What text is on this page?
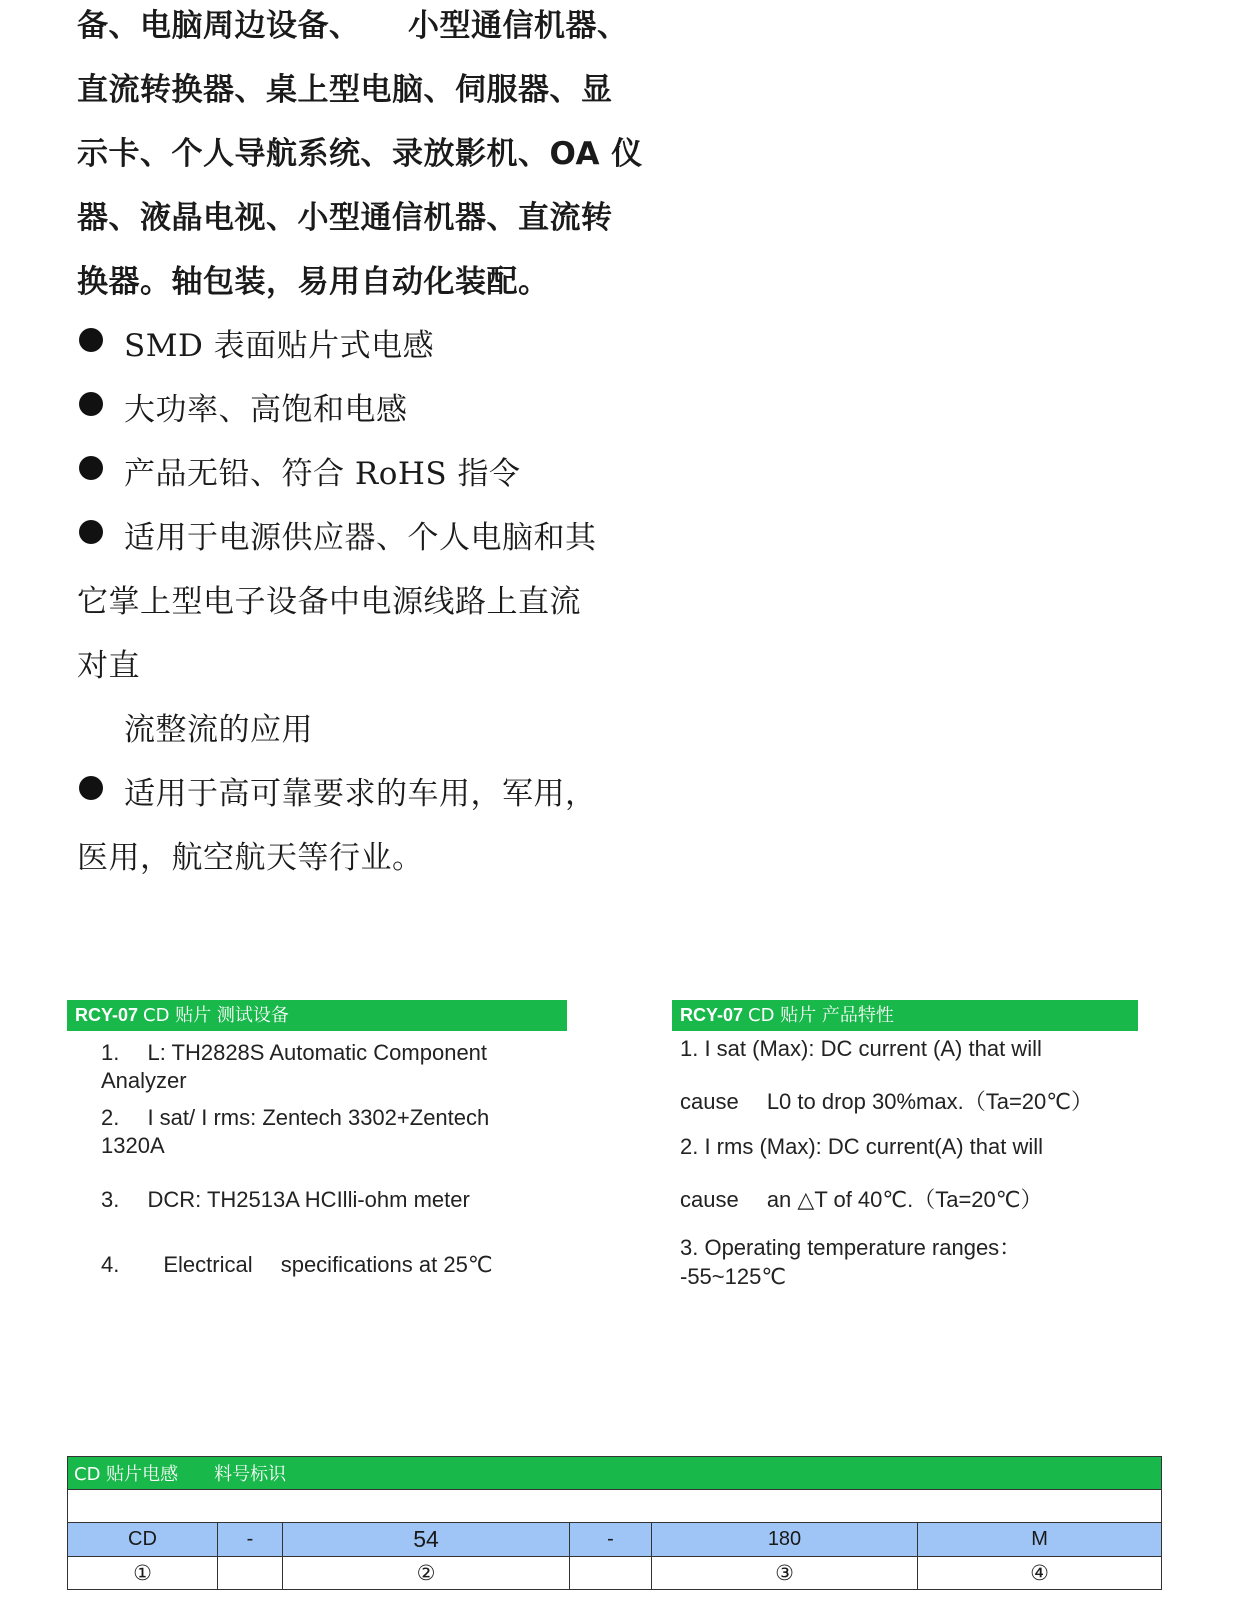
备、电脑周边设备、　　小型通信机器、
直流转换器、桌上型电脑、伺服器、显
示卡、个人导航系统、录放影机、OA 仪
器、液晶电视、小型通信机器、直流转
换器。轴包装，易用自动化装配。
SMD 表面贴片式电感
大功率、高饱和电感
产品无铅、符合 RoHS 指令
适用于电源供应器、个人电脑和其
它掌上型电子设备中电源线路上直流
对直
流整流的应用
适用于高可靠要求的车用，军用，
医用，航空航天等行业。
RCY-07 CD 贴片 测试设备
1.　 L: TH2828S Automatic Component
Analyzer
2.　 I sat/ I rms: Zentech 3302+Zentech
1320A
3.　 DCR: TH2513A HCIlli-ohm meter
4.　　Electrical　 specifications at 25℃
RCY-07 CD 贴片 产品特性
1. I sat (Max): DC current (A) that will
cause　 L0 to drop 30%max.（Ta=20℃）
2. I rms (Max): DC current(A) that will
cause　 an △T of 40℃.（Ta=20℃）
3. Operating temperature ranges：
-55~125℃
CD 贴片电感　　料号标识					

CD	-	54	-	180	M
①		②		③	④
